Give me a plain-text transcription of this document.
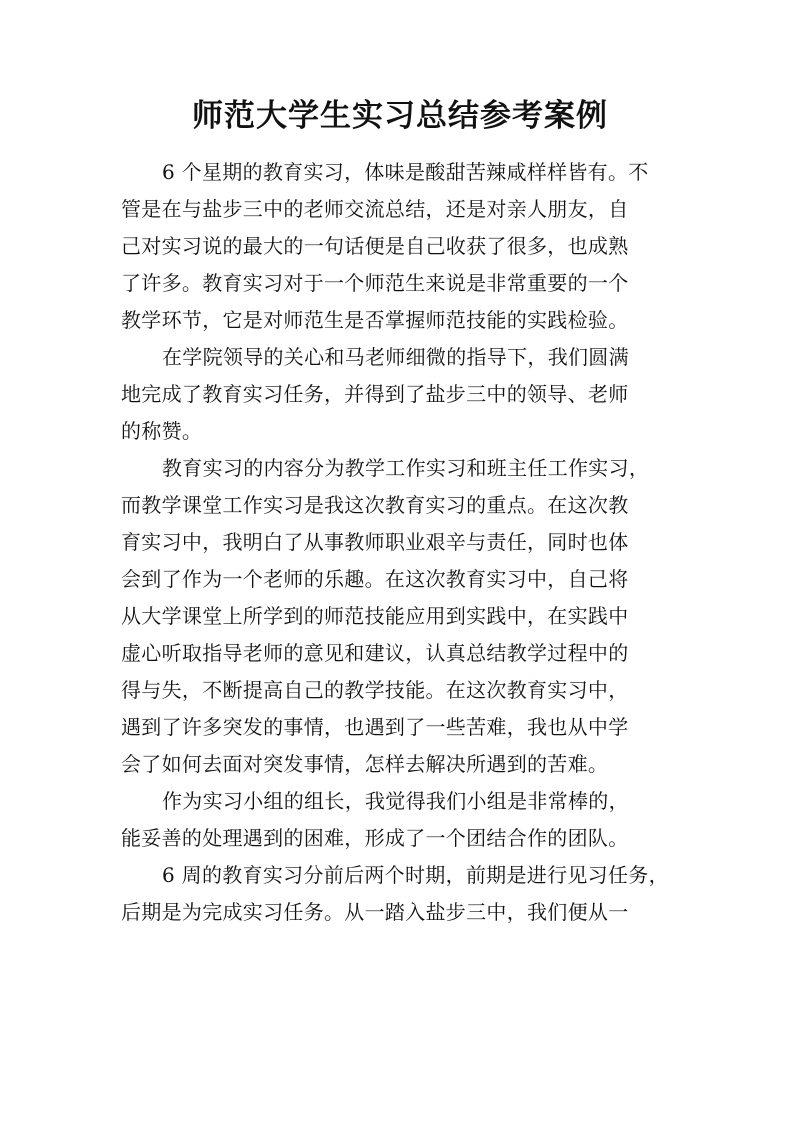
师范大学生实习总结参考案例
6 个星期的教育实习，体味是酸甜苦辣咸样样皆有。不
管是在与盐步三中的老师交流总结，还是对亲人朋友，自
己对实习说的最大的一句话便是自己收获了很多，也成熟
了许多。教育实习对于一个师范生来说是非常重要的一个
教学环节，它是对师范生是否掌握师范技能的实践检验。
在学院领导的关心和马老师细微的指导下，我们圆满
地完成了教育实习任务，并得到了盐步三中的领导、老师
的称赞。
教育实习的内容分为教学工作实习和班主任工作实习，
而教学课堂工作实习是我这次教育实习的重点。在这次教
育实习中，我明白了从事教师职业艰辛与责任，同时也体
会到了作为一个老师的乐趣。在这次教育实习中，自己将
从大学课堂上所学到的师范技能应用到实践中，在实践中
虚心听取指导老师的意见和建议，认真总结教学过程中的
得与失，不断提高自己的教学技能。在这次教育实习中，
遇到了许多突发的事情，也遇到了一些苦难，我也从中学
会了如何去面对突发事情，怎样去解决所遇到的苦难。
作为实习小组的组长，我觉得我们小组是非常棒的，
能妥善的处理遇到的困难，形成了一个团结合作的团队。
6 周的教育实习分前后两个时期，前期是进行见习任务，
后期是为完成实习任务。从一踏入盐步三中，我们便从一
